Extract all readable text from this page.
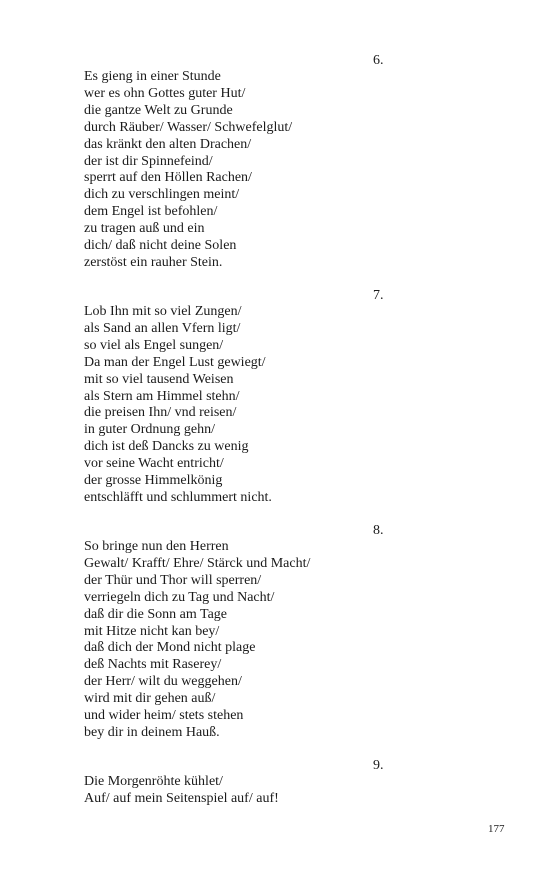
6.
Es gieng in einer Stunde
wer es ohn Gottes guter Hut/
die gantze Welt zu Grunde
durch Räuber/ Wasser/ Schwefelglut/
das kränkt den alten Drachen/
der ist dir Spinnefeind/
sperrt auf den Höllen Rachen/
dich zu verschlingen meint/
dem Engel ist befohlen/
zu tragen auß und ein
dich/ daß nicht deine Solen
zerstöst ein rauher Stein.
7.
Lob Ihn mit so viel Zungen/
als Sand an allen Vfern ligt/
so viel als Engel sungen/
Da man der Engel Lust gewiegt/
mit so viel tausend Weisen
als Stern am Himmel stehn/
die preisen Ihn/ vnd reisen/
in guter Ordnung gehn/
dich ist deß Dancks zu wenig
vor seine Wacht entricht/
der grosse Himmelkönig
entschläfft und schlummert nicht.
8.
So bringe nun den Herren
Gewalt/ Krafft/ Ehre/ Stärck und Macht/
der Thür und Thor will sperren/
verriegeln dich zu Tag und Nacht/
daß dir die Sonn am Tage
mit Hitze nicht kan bey/
daß dich der Mond nicht plage
deß Nachts mit Raserey/
der Herr/ wilt du weggehen/
wird mit dir gehen auß/
und wider heim/ stets stehen
bey dir in deinem Hauß.
9.
Die Morgenröhte kühlet/
Auf/ auf mein Seitenspiel auf/ auf!
177
